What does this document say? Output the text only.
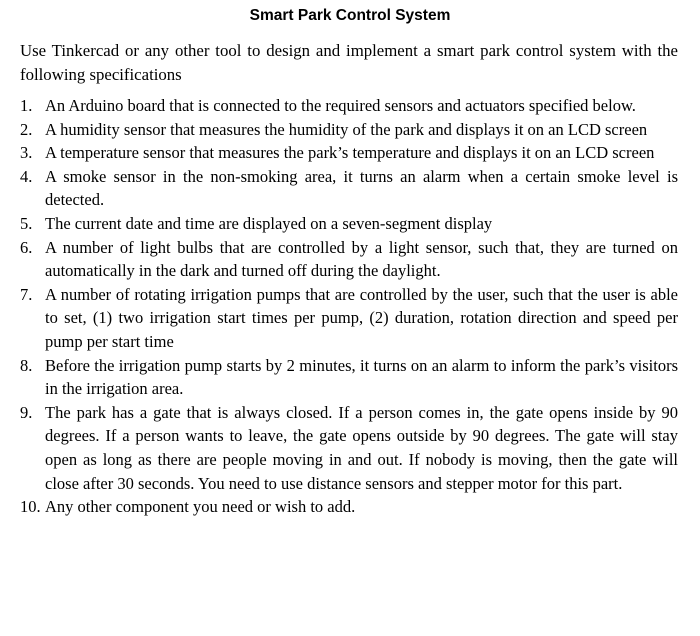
Smart Park Control System
Use Tinkercad or any other tool to design and implement a smart park control system with the following specifications
1. An Arduino board that is connected to the required sensors and actuators specified below.
2. A humidity sensor that measures the humidity of the park and displays it on an LCD screen
3. A temperature sensor that measures the park’s temperature and displays it on an LCD screen
4. A smoke sensor in the non-smoking area, it turns an alarm when a certain smoke level is detected.
5. The current date and time are displayed on a seven-segment display
6. A number of light bulbs that are controlled by a light sensor, such that, they are turned on automatically in the dark and turned off during the daylight.
7. A number of rotating irrigation pumps that are controlled by the user, such that the user is able to set, (1) two irrigation start times per pump, (2) duration, rotation direction and speed per pump per start time
8. Before the irrigation pump starts by 2 minutes, it turns on an alarm to inform the park’s visitors in the irrigation area.
9. The park has a gate that is always closed. If a person comes in, the gate opens inside by 90 degrees. If a person wants to leave, the gate opens outside by 90 degrees. The gate will stay open as long as there are people moving in and out. If nobody is moving, then the gate will close after 30 seconds. You need to use distance sensors and stepper motor for this part.
10. Any other component you need or wish to add.
